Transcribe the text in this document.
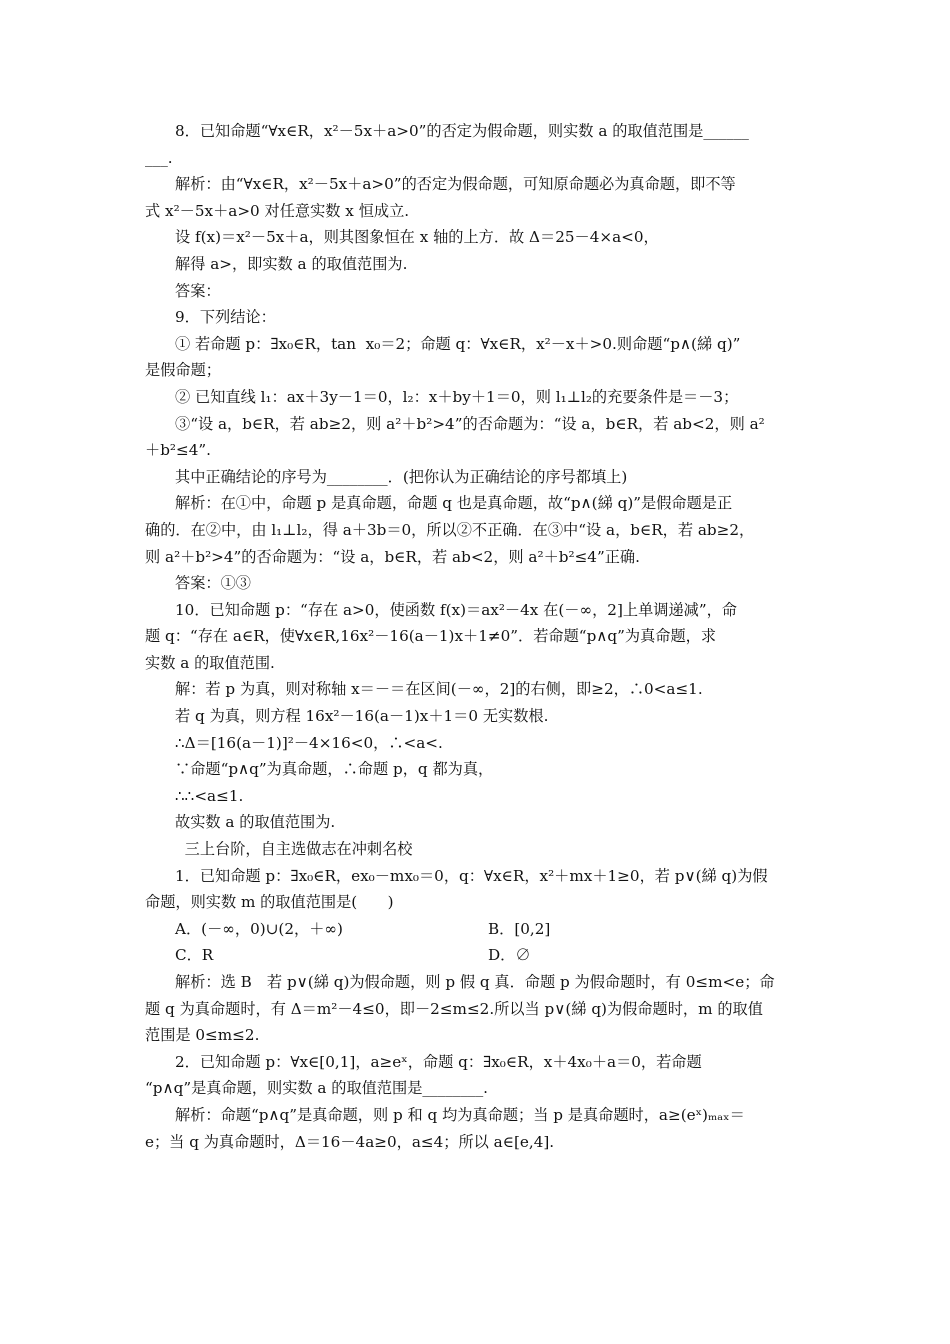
8．已知命题“∀x∈R，x²－5x＋a>0”的否定为假命题，则实数 a 的取值范围是______
___.
解析：由“∀x∈R，x²－5x＋a>0”的否定为假命题，可知原命题必为真命题，即不等
式 x²－5x＋a>0 对任意实数 x 恒成立.
设 f(x)＝x²－5x＋a，则其图象恒在 x 轴的上方．故 Δ＝25－4×a<0，
解得 a>，即实数 a 的取值范围为.
答案：
9．下列结论：
① 若命题 p：∃x₀∈R，tan  x₀＝2；命题 q：∀x∈R，x²－x＋>0.则命题“p∧(綈 q)”
是假命题；
② 已知直线 l₁：ax＋3y－1＝0，l₂：x＋by＋1＝0，则 l₁⊥l₂的充要条件是＝－3；
③“设 a，b∈R，若 ab≥2，则 a²＋b²>4”的否命题为：“设 a，b∈R，若 ab<2，则 a²
＋b²≤4”.
其中正确结论的序号为________．(把你认为正确结论的序号都填上)
解析：在①中，命题 p 是真命题，命题 q 也是真命题，故“p∧(綈 q)”是假命题是正
确的．在②中，由 l₁⊥l₂，得 a＋3b＝0，所以②不正确．在③中“设 a，b∈R，若 ab≥2，
则 a²＋b²>4”的否命题为：“设 a，b∈R，若 ab<2，则 a²＋b²≤4”正确.
答案：①③
10．已知命题 p：“存在 a>0，使函数 f(x)＝ax²－4x 在(－∞，2]上单调递减”，命
题 q：“存在 a∈R，使∀x∈R,16x²－16(a－1)x＋1≠0”．若命题“p∧q”为真命题，求
实数 a 的取值范围.
解：若 p 为真，则对称轴 x＝－＝在区间(－∞，2]的右侧，即≥2，∴0<a≤1.
若 q 为真，则方程 16x²－16(a－1)x＋1＝0 无实数根.
∴Δ＝[16(a－1)]²－4×16<0，∴<a<.
∵命题“p∧q”为真命题，∴命题 p，q 都为真，
∴∴<a≤1.
故实数 a 的取值范围为.
三上台阶，自主选做志在冲刺名校
1．已知命题 p：∃x₀∈R，ex₀－mx₀＝0，q：∀x∈R，x²＋mx＋1≥0，若 p∨(綈 q)为假
命题，则实数 m 的取值范围是(　　)
A．(－∞，0)∪(2，＋∞)	B．[0,2]
C．R	D．∅
解析：选 B　若 p∨(綈 q)为假命题，则 p 假 q 真．命题 p 为假命题时，有 0≤m<e；命
题 q 为真命题时，有 Δ＝m²－4≤0，即－2≤m≤2.所以当 p∨(綈 q)为假命题时，m 的取值
范围是 0≤m≤2.
2．已知命题 p：∀x∈[0,1]，a≥eˣ，命题 q：∃x₀∈R，x＋4x₀＋a＝0，若命题
“p∧q”是真命题，则实数 a 的取值范围是________.
解析：命题“p∧q”是真命题，则 p 和 q 均为真命题；当 p 是真命题时，a≥(eˣ)ₘₐₓ＝
e；当 q 为真命题时，Δ＝16－4a≥0，a≤4；所以 a∈[e,4].
